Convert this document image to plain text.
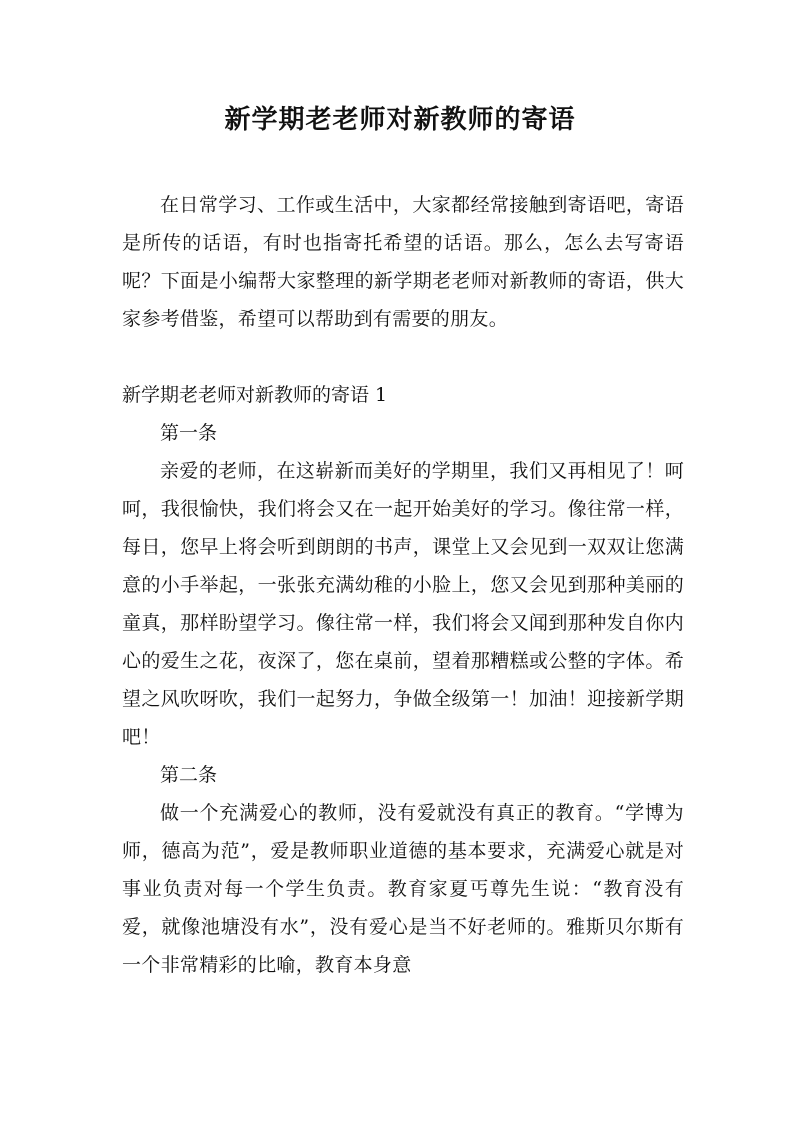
新学期老老师对新教师的寄语

在日常学习、工作或生活中，大家都经常接触到寄语吧，寄语是所传的话语，有时也指寄托希望的话语。那么，怎么去写寄语呢？下面是小编帮大家整理的新学期老老师对新教师的寄语，供大家参考借鉴，希望可以帮助到有需要的朋友。

新学期老老师对新教师的寄语 1

第一条

亲爱的老师，在这崭新而美好的学期里，我们又再相见了！呵呵，我很愉快，我们将会又在一起开始美好的学习。像往常一样，每日，您早上将会听到朗朗的书声，课堂上又会见到一双双让您满意的小手举起，一张张充满幼稚的小脸上，您又会见到那种美丽的童真，那样盼望学习。像往常一样，我们将会又闻到那种发自你内心的爱生之花，夜深了，您在桌前，望着那糟糕或公整的字体。希望之风吹呀吹，我们一起努力，争做全级第一！加油！迎接新学期吧！

第二条

做一个充满爱心的教师，没有爱就没有真正的教育。“学博为师，德高为范”，爱是教师职业道德的基本要求，充满爱心就是对事业负责对每一个学生负责。教育家夏丐尊先生说：“教育没有爱，就像池塘没有水”，没有爱心是当不好老师的。雅斯贝尔斯有一个非常精彩的比喻，教育本身意
